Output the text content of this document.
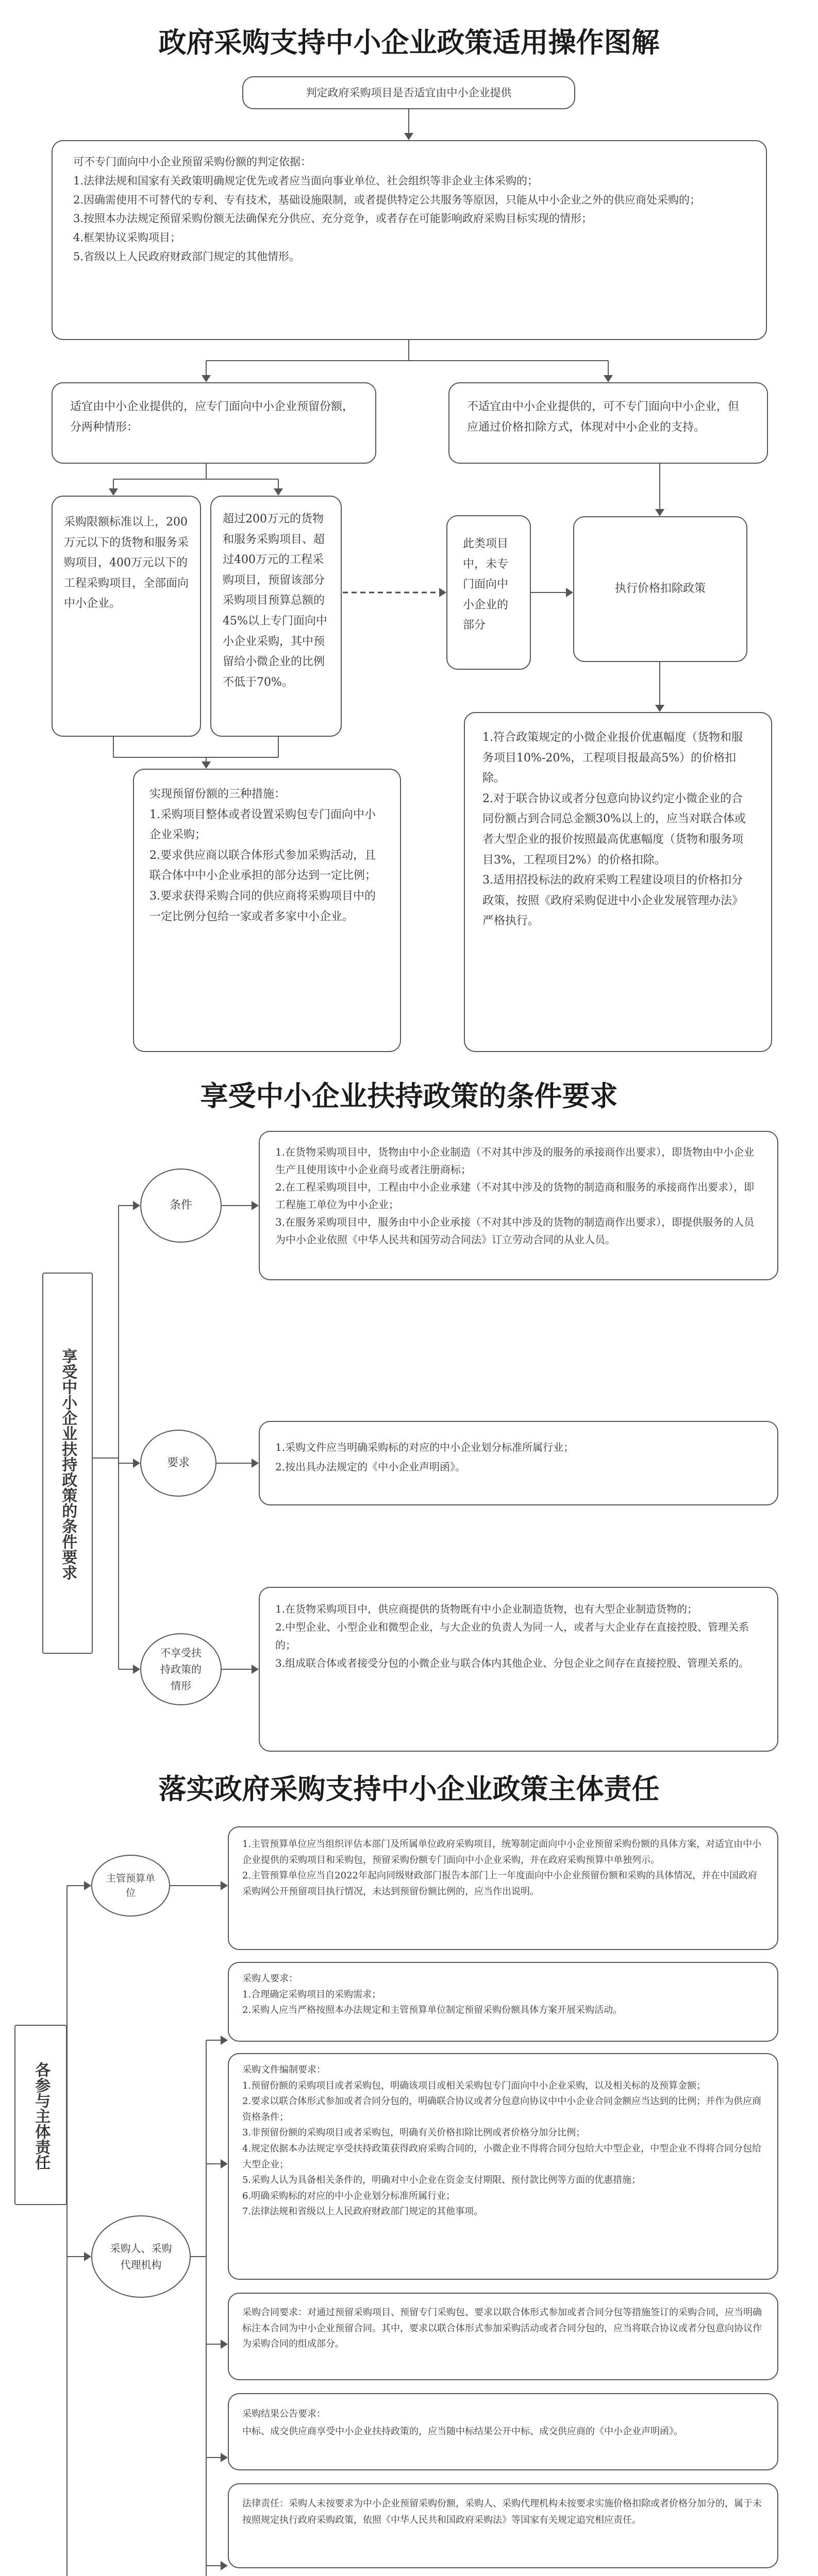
政府采购支持中小企业政策适用操作图解
判定政府采购项目是否适宜由中小企业提供

可不专门面向中小企业预留采购份额的判定依据：

1.法律法规和国家有关政策明确规定优先或者应当面向事业单位、社会组织等非企业主体采购的；

2.因确需使用不可替代的专利、专有技术，基础设施限制，或者提供特定公共服务等原因，只能从中小企业之外的供应商处采购的；

3.按照本办法规定预留采购份额无法确保充分供应、充分竞争，或者存在可能影响政府采购目标实现的情形；

4.框架协议采购项目；

5.省级以上人民政府财政部门规定的其他情形。

适宜由中小企业提供的，应专门面向中小企业预留份额，分两种情形：
不适宜由中小企业提供的，可不专门面向中小企业，但应通过价格扣除方式，体现对中小企业的支持。
采购限额标准以上，200万元以下的货物和服务采购项目，400万元以下的工程采购项目，全部面向中小企业。
超过200万元的货物和服务采购项目、超过400万元的工程采购项目，预留该部分采购项目预算总额的45%以上专门面向中小企业采购，其中预留给小微企业的比例不低于70%。
此类项目中，未专门面向中小企业的部分
执行价格扣除政策

实现预留份额的三种措施：

1.采购项目整体或者设置采购包专门面向中小企业采购；

2.要求供应商以联合体形式参加采购活动，且联合体中中小企业承担的部分达到一定比例；

3.要求获得采购合同的供应商将采购项目中的一定比例分包给一家或者多家中小企业。

1.符合政策规定的小微企业报价优惠幅度（货物和服务项目10%-20%，工程项目报最高5%）的价格扣除。

2.对于联合协议或者分包意向协议约定小微企业的合同份额占到合同总金额30%以上的，应当对联合体或者大型企业的报价按照最高优惠幅度（货物和服务项目3%，工程项目2%）的价格扣除。

3.适用招投标法的政府采购工程建设项目的价格扣分政策，按照《政府采购促进中小企业发展管理办法》严格执行。

享受中小企业扶持政策的条件要求
享受中小企业扶持政策的条件要求
条件

1.在货物采购项目中，货物由中小企业制造（不对其中涉及的服务的承接商作出要求），即货物由中小企业生产且使用该中小企业商号或者注册商标；

2.在工程采购项目中，工程由中小企业承建（不对其中涉及的货物的制造商和服务的承接商作出要求），即工程施工单位为中小企业；

3.在服务采购项目中，服务由中小企业承接（不对其中涉及的货物的制造商作出要求），即提供服务的人员为中小企业依照《中华人民共和国劳动合同法》订立劳动合同的从业人员。

要求

1.采购文件应当明确采购标的对应的中小企业划分标准所属行业；

2.按出具办法规定的《中小企业声明函》。

不享受扶持政策的情形

1.在货物采购项目中，供应商提供的货物既有中小企业制造货物，也有大型企业制造货物的；

2.中型企业、小型企业和微型企业，与大企业的负责人为同一人，或者与大企业存在直接控股、管理关系的；

3.组成联合体或者接受分包的小微企业与联合体内其他企业、分包企业之间存在直接控股、管理关系的。

落实政府采购支持中小企业政策主体责任
各参与主体责任
主管预算单位

1.主管预算单位应当组织评估本部门及所属单位政府采购项目，统筹制定面向中小企业预留采购份额的具体方案，对适宜由中小企业提供的采购项目和采购包，预留采购份额专门面向中小企业采购，并在政府采购预算中单独列示。

2.主管预算单位应当自2022年起向同级财政部门报告本部门上一年度面向中小企业预留份额和采购的具体情况，并在中国政府采购网公开预留项目执行情况，未达到预留份额比例的，应当作出说明。

采购人、采购代理机构

采购人要求：

1.合理确定采购项目的采购需求；

2.采购人应当严格按照本办法规定和主管预算单位制定预留采购份额具体方案开展采购活动。

采购文件编制要求：

1.预留份额的采购项目或者采购包，明确该项目或相关采购包专门面向中小企业采购，以及相关标的及预算金额；

2.要求以联合体形式参加或者合同分包的，明确联合协议或者分包意向协议中中小企业合同金额应当达到的比例；并作为供应商资格条件；

3.非预留份额的采购项目或者采购包，明确有关价格扣除比例或者价格分加分比例；

4.规定依据本办法规定享受扶持政策获得政府采购合同的，小微企业不得将合同分包给大中型企业，中型企业不得将合同分包给大型企业；

5.采购人认为具备相关条件的，明确对中小企业在资金支付期限、预付款比例等方面的优惠措施；

6.明确采购标的对应的中小企业划分标准所属行业；

7.法律法规和省级以上人民政府财政部门规定的其他事项。

采购合同要求：对通过预留采购项目、预留专门采购包、要求以联合体形式参加或者合同分包等措施签订的采购合同，应当明确标注本合同为中小企业预留合同。其中，要求以联合体形式参加采购活动或者合同分包的，应当将联合协议或者分包意向协议作为采购合同的组成部分。

采购结果公告要求：

中标、成交供应商享受中小企业扶持政策的，应当随中标结果公开中标、成交供应商的《中小企业声明函》。

法律责任：采购人未按要求为中小企业预留采购份额，采购人、采购代理机构未按要求实施价格扣除或者价格分加分的，属于未按照规定执行政府采购政策，依照《中华人民共和国政府采购法》等国家有关规定追究相应责任。
